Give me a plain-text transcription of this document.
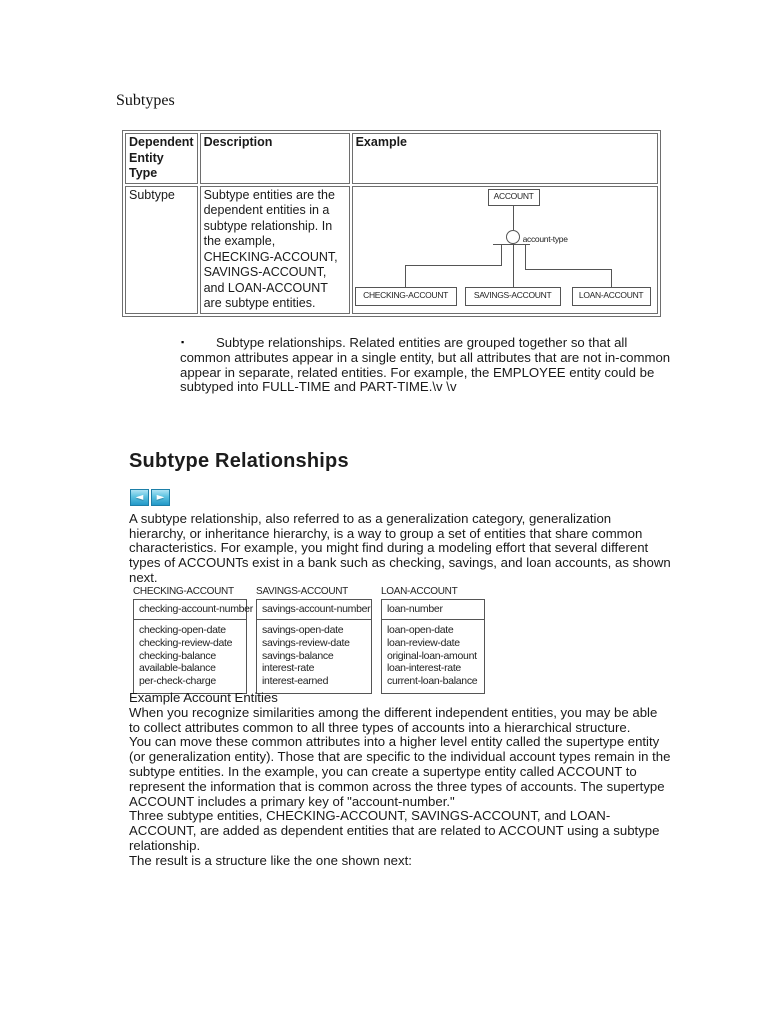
Subtypes
Dependent Entity Type	Description	Example
Subtype	Subtype entities are the dependent entities in a subtype relationship. In the example, CHECKING-ACCOUNT, SAVINGS-ACCOUNT, and LOAN-ACCOUNT are subtype entities.	ACCOUNT
account-type
CHECKING-ACCOUNT SAVINGS-ACCOUNT LOAN-ACCOUNT
▪	Subtype relationships. Related entities are grouped together so that all common attributes appear in a single entity, but all attributes that are not in-common appear in separate, related entities. For example, the EMPLOYEE entity could be subtyped into FULL-TIME and PART-TIME.\v \v

Subtype Relationships
◄ ►

A subtype relationship, also referred to as a generalization category, generalization hierarchy, or inheritance hierarchy, is a way to group a set of entities that share common characteristics. For example, you might find during a modeling effort that several different types of ACCOUNTs exist in a bank such as checking, savings, and loan accounts, as shown next.

CHECKING-ACCOUNT
checking-account-number
checking-open-date
checking-review-date
checking-balance
available-balance
per-check-charge
SAVINGS-ACCOUNT
savings-account-number
savings-open-date
savings-review-date
savings-balance
interest-rate
interest-earned
LOAN-ACCOUNT
loan-number
loan-open-date
loan-review-date
original-loan-amount
loan-interest-rate
current-loan-balance

Example Account Entities

When you recognize similarities among the different independent entities, you may be able to collect attributes common to all three types of accounts into a hierarchical structure.

You can move these common attributes into a higher level entity called the supertype entity (or generalization entity). Those that are specific to the individual account types remain in the subtype entities. In the example, you can create a supertype entity called ACCOUNT to represent the information that is common across the three types of accounts. The supertype ACCOUNT includes a primary key of "account-number."

Three subtype entities, CHECKING-ACCOUNT, SAVINGS-ACCOUNT, and LOAN-ACCOUNT, are added as dependent entities that are related to ACCOUNT using a subtype relationship.

The result is a structure like the one shown next:
